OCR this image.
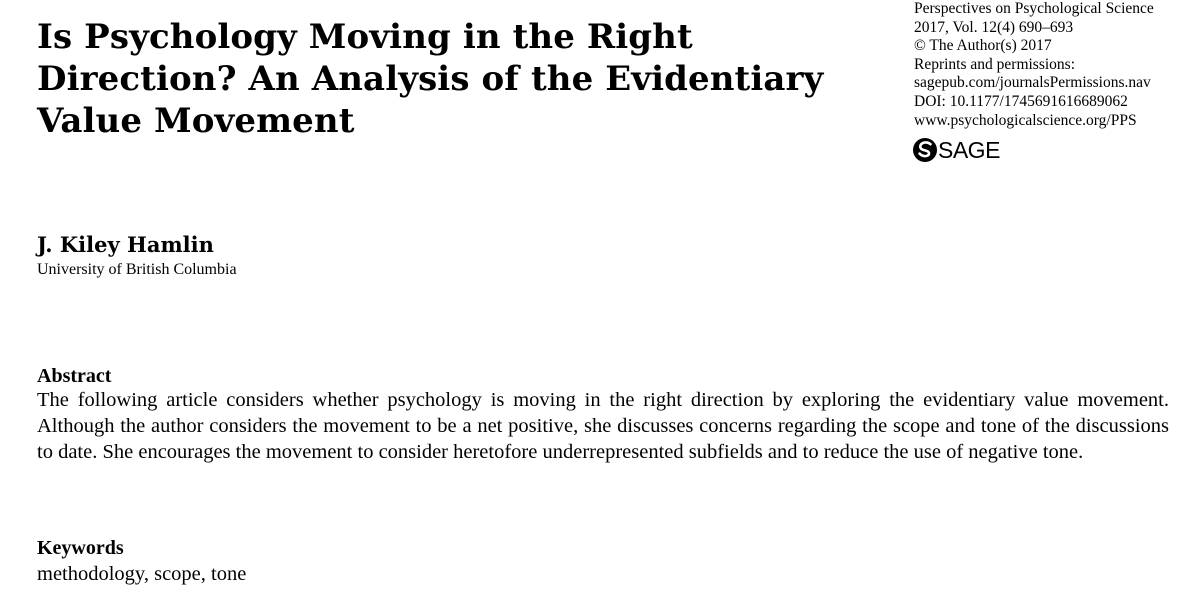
Is Psychology Moving in the Right
Direction? An Analysis of the Evidentiary
Value Movement
Perspectives on Psychological Science
2017, Vol. 12(4) 690–693
© The Author(s) 2017
Reprints and permissions:
sagepub.com/journalsPermissions.nav
DOI: 10.1177/1745691616689062
www.psychologicalscience.org/PPS
SAGE
J. Kiley Hamlin
University of British Columbia
Abstract

The following article considers whether psychology is moving in the right direction by exploring the evidentiary value movement. Although the author considers the movement to be a net positive, she discusses concerns regarding the scope and tone of the discussions to date. She encourages the movement to consider heretofore underrepresented subfields and to reduce the use of negative tone.

Keywords
methodology, scope, tone
